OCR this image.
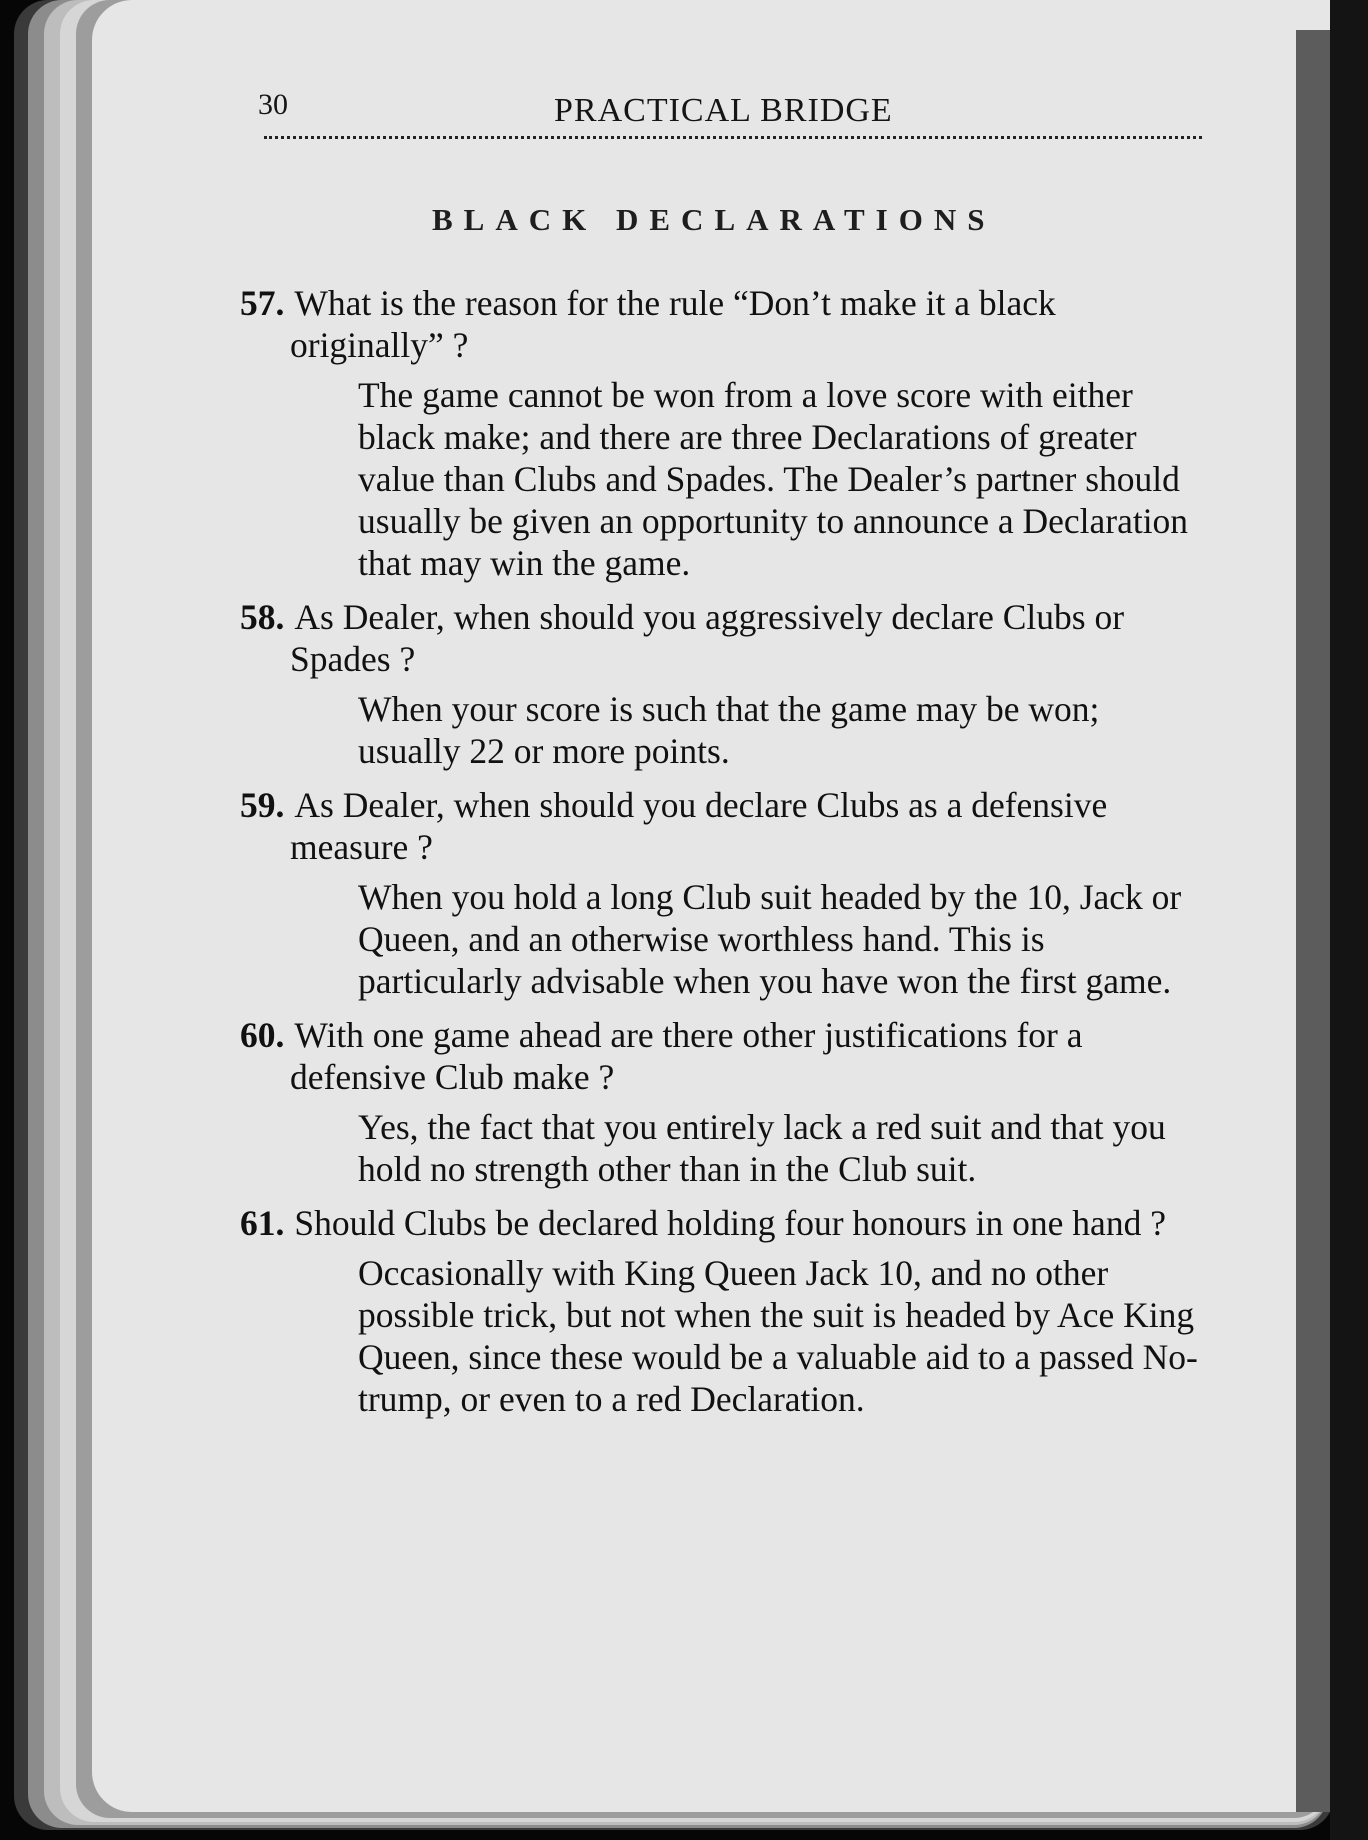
30	PRACTICAL BRIDGE
BLACK DECLARATIONS

57. What is the reason for the rule “Don’t make it a black originally” ?

The game cannot be won from a love score with either black make; and there are three Declarations of greater value than Clubs and Spades. The Dealer’s partner should usually be given an opportunity to announce a Declaration that may win the game.

58. As Dealer, when should you aggressively declare Clubs or Spades ?

When your score is such that the game may be won; usually 22 or more points.

59. As Dealer, when should you declare Clubs as a defensive measure ?

When you hold a long Club suit headed by the 10, Jack or Queen, and an otherwise worthless hand. This is particularly advisable when you have won the first game.

60. With one game ahead are there other justifications for a defensive Club make ?

Yes, the fact that you entirely lack a red suit and that you hold no strength other than in the Club suit.

61. Should Clubs be declared holding four honours in one hand ?

Occasionally with King Queen Jack 10, and no other possible trick, but not when the suit is headed by Ace King Queen, since these would be a valuable aid to a passed No-trump, or even to a red Declaration.
